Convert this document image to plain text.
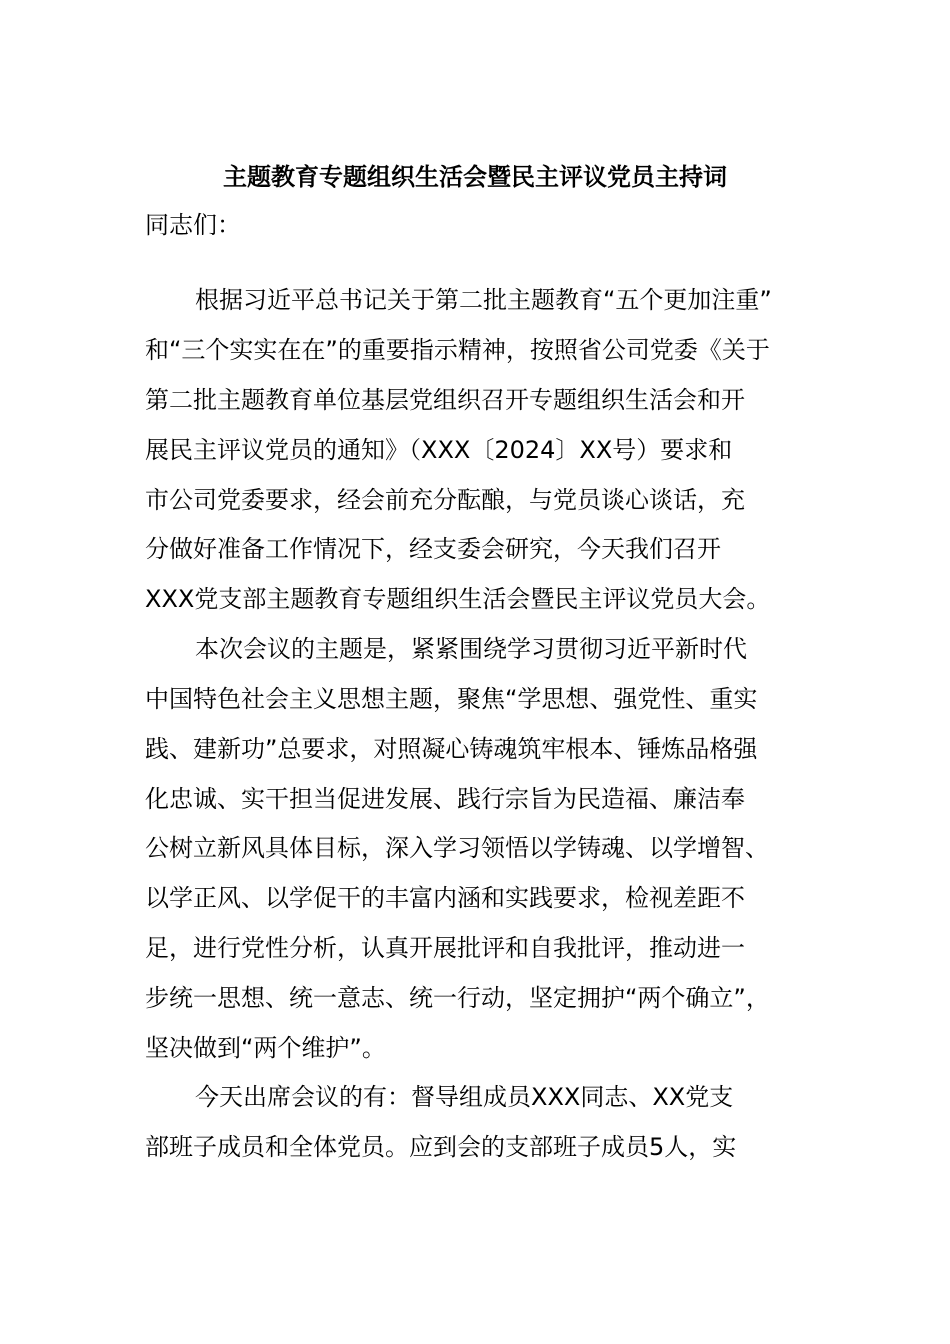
主题教育专题组织生活会暨民主评议党员主持词

同志们：

根据习近平总书记关于第二批主题教育“五个更加注重”

和“三个实实在在”的重要指示精神，按照省公司党委《关于

第二批主题教育单位基层党组织召开专题组织生活会和开

展民主评议党员的通知》（XXX〔2024〕XX号）要求和

市公司党委要求，经会前充分酝酿，与党员谈心谈话，充

分做好准备工作情况下，经支委会研究，今天我们召开

XXX党支部主题教育专题组织生活会暨民主评议党员大会。

本次会议的主题是，紧紧围绕学习贯彻习近平新时代

中国特色社会主义思想主题，聚焦“学思想、强党性、重实

践、建新功”总要求，对照凝心铸魂筑牢根本、锤炼品格强

化忠诚、实干担当促进发展、践行宗旨为民造福、廉洁奉

公树立新风具体目标，深入学习领悟以学铸魂、以学增智、

以学正风、以学促干的丰富内涵和实践要求，检视差距不

足，进行党性分析，认真开展批评和自我批评，推动进一

步统一思想、统一意志、统一行动，坚定拥护“两个确立”，

坚决做到“两个维护”。

今天出席会议的有：督导组成员XXX同志、XX党支

部班子成员和全体党员。应到会的支部班子成员5人，实
